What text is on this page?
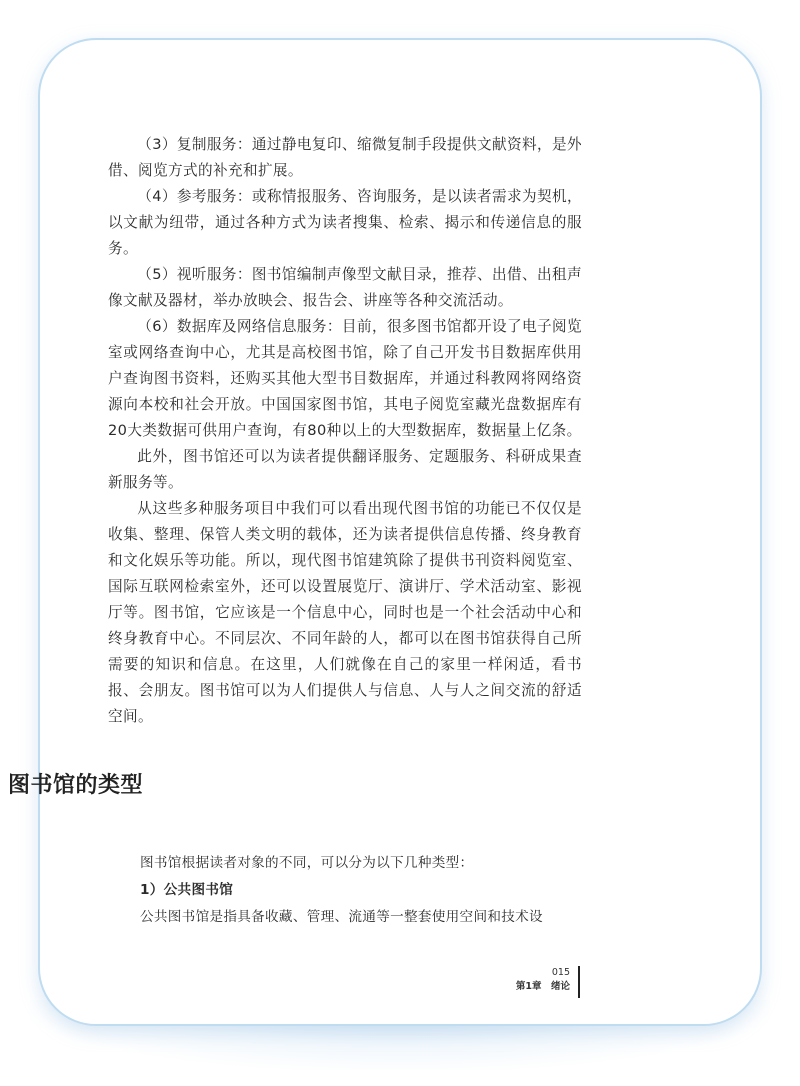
（3）复制服务：通过静电复印、缩微复制手段提供文献资料，是外借、阅览方式的补充和扩展。

（4）参考服务：或称情报服务、咨询服务，是以读者需求为契机，以文献为纽带，通过各种方式为读者搜集、检索、揭示和传递信息的服务。

（5）视听服务：图书馆编制声像型文献目录，推荐、出借、出租声像文献及器材，举办放映会、报告会、讲座等各种交流活动。

（6）数据库及网络信息服务：目前，很多图书馆都开设了电子阅览室或网络查询中心，尤其是高校图书馆，除了自己开发书目数据库供用户查询图书资料，还购买其他大型书目数据库，并通过科教网将网络资源向本校和社会开放。中国国家图书馆，其电子阅览室藏光盘数据库有20大类数据可供用户查询，有80种以上的大型数据库，数据量上亿条。

此外，图书馆还可以为读者提供翻译服务、定题服务、科研成果查新服务等。

从这些多种服务项目中我们可以看出现代图书馆的功能已不仅仅是收集、整理、保管人类文明的载体，还为读者提供信息传播、终身教育和文化娱乐等功能。所以，现代图书馆建筑除了提供书刊资料阅览室、国际互联网检索室外，还可以设置展览厅、演讲厅、学术活动室、影视厅等。图书馆，它应该是一个信息中心，同时也是一个社会活动中心和终身教育中心。不同层次、不同年龄的人，都可以在图书馆获得自己所需要的知识和信息。在这里，人们就像在自己的家里一样闲适，看书报、会朋友。图书馆可以为人们提供人与信息、人与人之间交流的舒适空间。

图书馆的类型

图书馆根据读者对象的不同，可以分为以下几种类型：

1）公共图书馆

公共图书馆是指具备收藏、管理、流通等一整套使用空间和技术设

015
第1章　绪论
